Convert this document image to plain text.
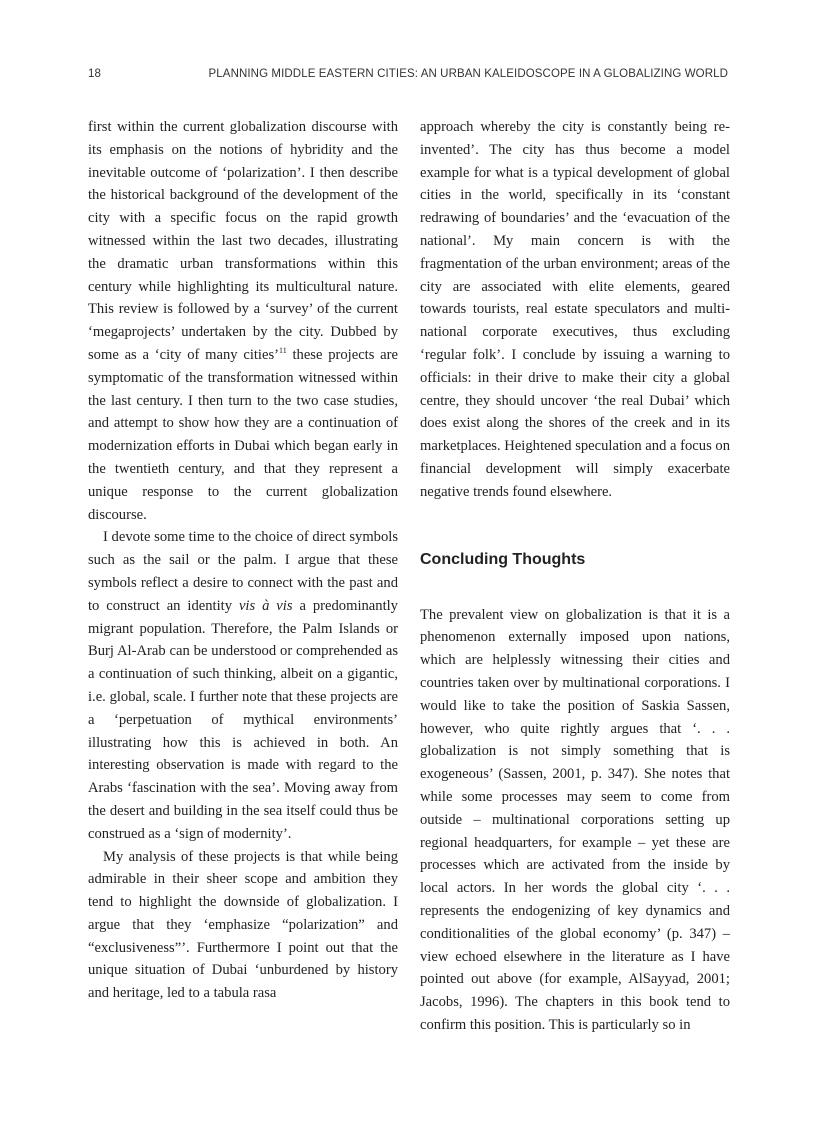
18	PLANNING MIDDLE EASTERN CITIES: AN URBAN KALEIDOSCOPE IN A GLOBALIZING WORLD

first within the current globalization discourse with its emphasis on the notions of hybridity and the inevitable outcome of ‘polarization’. I then describe the historical background of the development of the city with a specific focus on the rapid growth witnessed within the last two decades, illustrating the dramatic urban transformations within this century while highlighting its multicultural nature. This review is followed by a ‘survey’ of the current ‘megaprojects’ undertaken by the city. Dubbed by some as a ‘city of many cities’$^{11}$ these projects are symptomatic of the transformation witnessed within the last century. I then turn to the two case studies, and attempt to show how they are a continuation of modernization efforts in Dubai which began early in the twentieth century, and that they represent a unique response to the current globalization discourse.

I devote some time to the choice of direct symbols such as the sail or the palm. I argue that these symbols reflect a desire to connect with the past and to construct an identity vis à vis a predominantly migrant population. Therefore, the Palm Islands or Burj Al-Arab can be understood or comprehended as a continuation of such thinking, albeit on a gigantic, i.e. global, scale. I further note that these projects are a ‘perpetuation of mythical environments’ illustrating how this is achieved in both. An interesting observation is made with regard to the Arabs ‘fascination with the sea’. Moving away from the desert and building in the sea itself could thus be construed as a ‘sign of modernity’.

My analysis of these projects is that while being admirable in their sheer scope and ambition they tend to highlight the downside of globalization. I argue that they ‘emphasize “polarization” and “exclusiveness”’. Furthermore I point out that the unique situation of Dubai ‘unburdened by history and heritage, led to a tabula rasa

approach whereby the city is constantly being re-invented’. The city has thus become a model example for what is a typical development of global cities in the world, specifically in its ‘constant redrawing of boundaries’ and the ‘evacuation of the national’. My main concern is with the fragmentation of the urban environment; areas of the city are associated with elite elements, geared towards tourists, real estate speculators and multi-national corporate executives, thus excluding ‘regular folk’. I conclude by issuing a warning to officials: in their drive to make their city a global centre, they should uncover ‘the real Dubai’ which does exist along the shores of the creek and in its marketplaces. Heightened speculation and a focus on financial development will simply exacerbate negative trends found elsewhere.

Concluding Thoughts

The prevalent view on globalization is that it is a phenomenon externally imposed upon nations, which are helplessly witnessing their cities and countries taken over by multinational corporations. I would like to take the position of Saskia Sassen, however, who quite rightly argues that ‘. . . globalization is not simply something that is exogeneous’ (Sassen, 2001, p. 347). She notes that while some processes may seem to come from outside – multinational corporations setting up regional headquarters, for example – yet these are processes which are activated from the inside by local actors. In her words the global city ‘. . . represents the endogenizing of key dynamics and conditionalities of the global economy’ (p. 347) – view echoed elsewhere in the literature as I have pointed out above (for example, AlSayyad, 2001; Jacobs, 1996). The chapters in this book tend to confirm this position. This is particularly so in
